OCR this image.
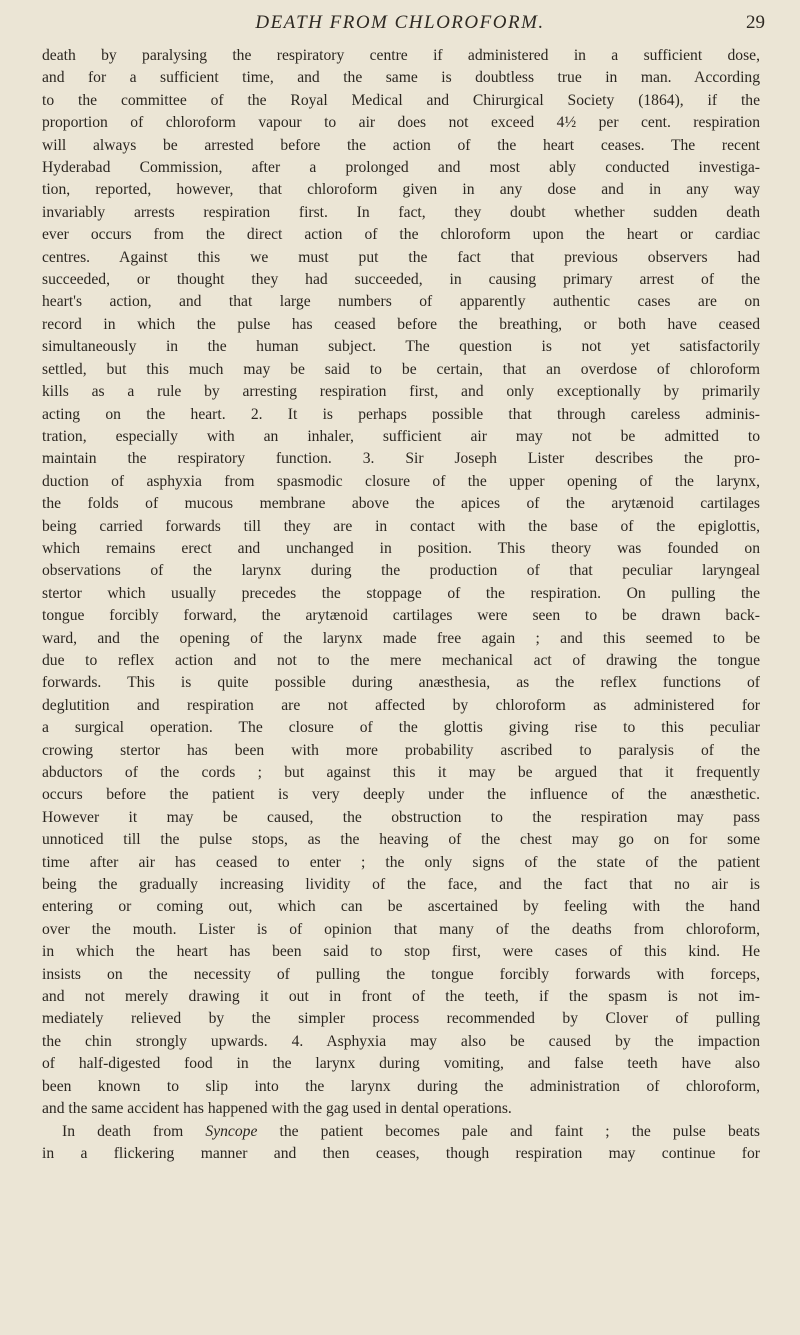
DEATH FROM CHLOROFORM.	29
death by paralysing the respiratory centre if administered in a sufficient dose,
and for a sufficient time, and the same is doubtless true in man. According
to the committee of the Royal Medical and Chirurgical Society (1864), if the
proportion of chloroform vapour to air does not exceed 4½ per cent. respiration
will always be arrested before the action of the heart ceases. The recent
Hyderabad Commission, after a prolonged and most ably conducted investiga-
tion, reported, however, that chloroform given in any dose and in any way
invariably arrests respiration first. In fact, they doubt whether sudden death
ever occurs from the direct action of the chloroform upon the heart or cardiac
centres. Against this we must put the fact that previous observers had
succeeded, or thought they had succeeded, in causing primary arrest of the
heart's action, and that large numbers of apparently authentic cases are on
record in which the pulse has ceased before the breathing, or both have ceased
simultaneously in the human subject. The question is not yet satisfactorily
settled, but this much may be said to be certain, that an overdose of chloroform
kills as a rule by arresting respiration first, and only exceptionally by primarily
acting on the heart. 2. It is perhaps possible that through careless adminis-
tration, especially with an inhaler, sufficient air may not be admitted to
maintain the respiratory function. 3. Sir Joseph Lister describes the pro-
duction of asphyxia from spasmodic closure of the upper opening of the larynx,
the folds of mucous membrane above the apices of the arytænoid cartilages
being carried forwards till they are in contact with the base of the epiglottis,
which remains erect and unchanged in position. This theory was founded on
observations of the larynx during the production of that peculiar laryngeal
stertor which usually precedes the stoppage of the respiration. On pulling the
tongue forcibly forward, the arytænoid cartilages were seen to be drawn back-
ward, and the opening of the larynx made free again ; and this seemed to be
due to reflex action and not to the mere mechanical act of drawing the tongue
forwards. This is quite possible during anæsthesia, as the reflex functions of
deglutition and respiration are not affected by chloroform as administered for
a surgical operation. The closure of the glottis giving rise to this peculiar
crowing stertor has been with more probability ascribed to paralysis of the
abductors of the cords ; but against this it may be argued that it frequently
occurs before the patient is very deeply under the influence of the anæsthetic.
However it may be caused, the obstruction to the respiration may pass
unnoticed till the pulse stops, as the heaving of the chest may go on for some
time after air has ceased to enter ; the only signs of the state of the patient
being the gradually increasing lividity of the face, and the fact that no air is
entering or coming out, which can be ascertained by feeling with the hand
over the mouth. Lister is of opinion that many of the deaths from chloroform,
in which the heart has been said to stop first, were cases of this kind. He
insists on the necessity of pulling the tongue forcibly forwards with forceps,
and not merely drawing it out in front of the teeth, if the spasm is not im-
mediately relieved by the simpler process recommended by Clover of pulling
the chin strongly upwards. 4. Asphyxia may also be caused by the impaction
of half-digested food in the larynx during vomiting, and false teeth have also
been known to slip into the larynx during the administration of chloroform,
and the same accident has happened with the gag used in dental operations.
In death from Syncope the patient becomes pale and faint ; the pulse beats
in a flickering manner and then ceases, though respiration may continue for
